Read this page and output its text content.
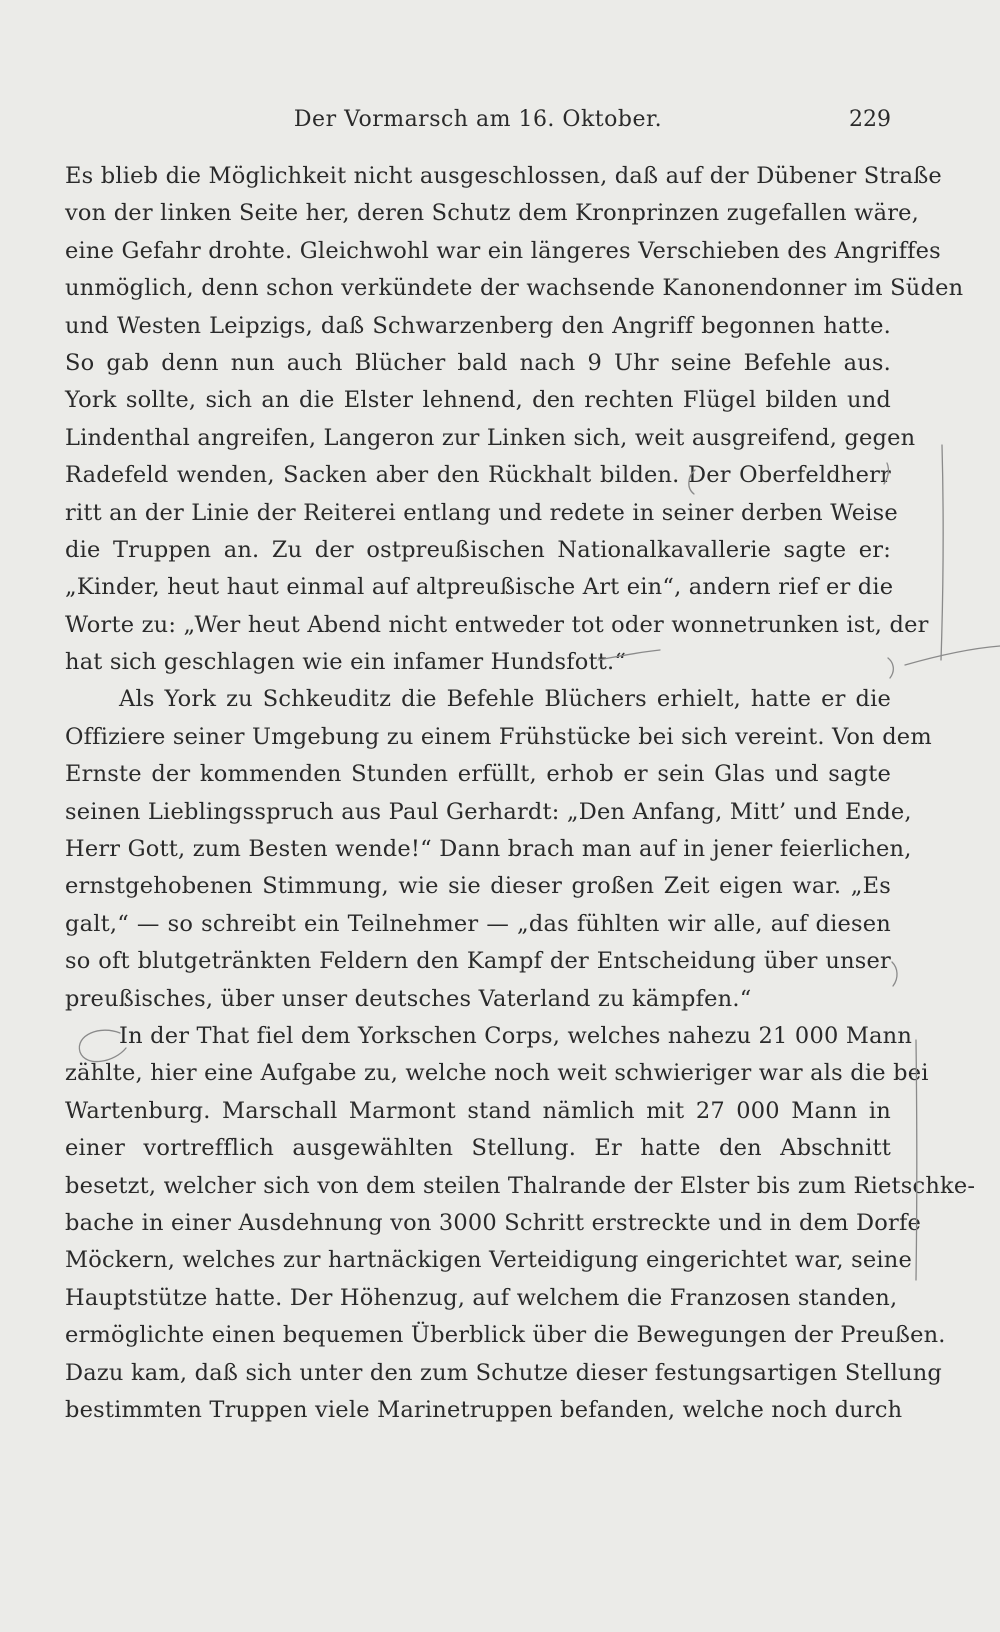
Der Vormarsch am 16. Oktober.	229
Es blieb die Möglichkeit nicht ausgeschlossen, daß auf der Dübener Straße
von der linken Seite her, deren Schutz dem Kronprinzen zugefallen wäre,
eine Gefahr drohte. Gleichwohl war ein längeres Verschieben des Angriffes
unmöglich, denn schon verkündete der wachsende Kanonendonner im Süden
und Westen Leipzigs, daß Schwarzenberg den Angriff begonnen hatte.
So gab denn nun auch Blücher bald nach 9 Uhr seine Befehle aus.
York sollte, sich an die Elster lehnend, den rechten Flügel bilden und
Lindenthal angreifen, Langeron zur Linken sich, weit ausgreifend, gegen
Radefeld wenden, Sacken aber den Rückhalt bilden. Der Oberfeldherr
ritt an der Linie der Reiterei entlang und redete in seiner derben Weise
die Truppen an. Zu der ostpreußischen Nationalkavallerie sagte er:
„Kinder, heut haut einmal auf altpreußische Art ein“, andern rief er die
Worte zu: „Wer heut Abend nicht entweder tot oder wonnetrunken ist, der
hat sich geschlagen wie ein infamer Hundsfott.“
Als York zu Schkeuditz die Befehle Blüchers erhielt, hatte er die
Offiziere seiner Umgebung zu einem Frühstücke bei sich vereint. Von dem
Ernste der kommenden Stunden erfüllt, erhob er sein Glas und sagte
seinen Lieblingsspruch aus Paul Gerhardt: „Den Anfang, Mitt’ und Ende,
Herr Gott, zum Besten wende!“ Dann brach man auf in jener feierlichen,
ernstgehobenen Stimmung, wie sie dieser großen Zeit eigen war. „Es
galt,“ — so schreibt ein Teilnehmer — „das fühlten wir alle, auf diesen
so oft blutgetränkten Feldern den Kampf der Entscheidung über unser
preußisches, über unser deutsches Vaterland zu kämpfen.“
In der That fiel dem Yorkschen Corps, welches nahezu 21 000 Mann
zählte, hier eine Aufgabe zu, welche noch weit schwieriger war als die bei
Wartenburg. Marschall Marmont stand nämlich mit 27 000 Mann in
einer vortrefflich ausgewählten Stellung. Er hatte den Abschnitt
besetzt, welcher sich von dem steilen Thalrande der Elster bis zum Rietschke-
bache in einer Ausdehnung von 3000 Schritt erstreckte und in dem Dorfe
Möckern, welches zur hartnäckigen Verteidigung eingerichtet war, seine
Hauptstütze hatte. Der Höhenzug, auf welchem die Franzosen standen,
ermöglichte einen bequemen Überblick über die Bewegungen der Preußen.
Dazu kam, daß sich unter den zum Schutze dieser festungsartigen Stellung
bestimmten Truppen viele Marinetruppen befanden, welche noch durch
